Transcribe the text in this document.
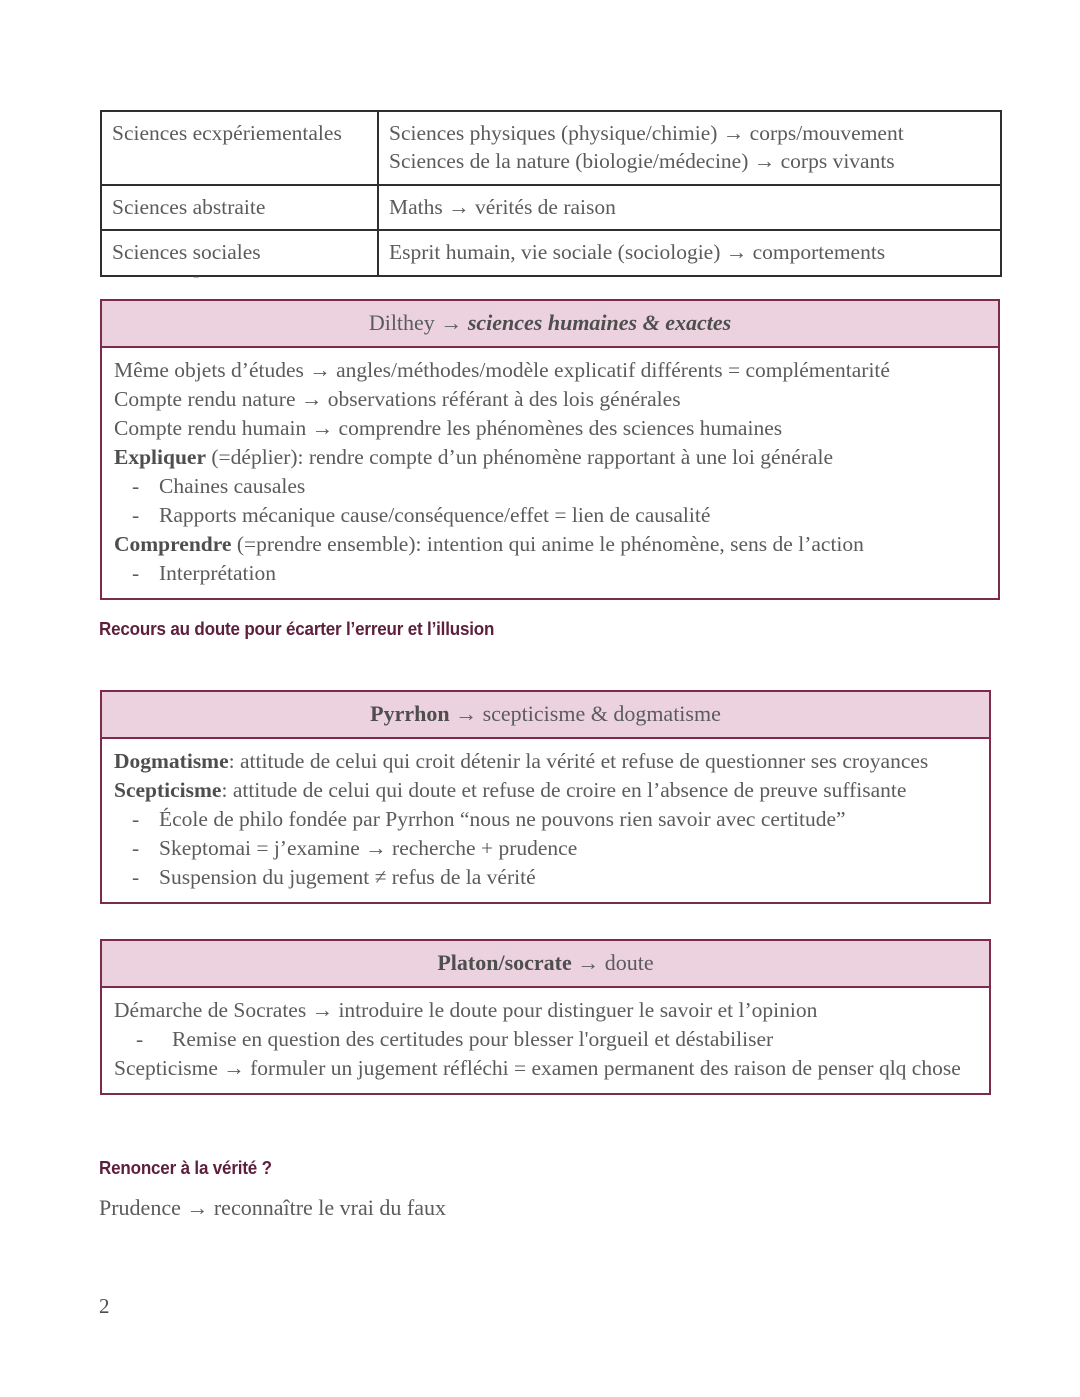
Sciences ecxpériementales	Sciences physiques (physique/chimie) → corps/mouvement
Sciences de la nature (biologie/médecine) → corps vivants

Sciences abstraite	Maths → vérités de raison

Sciences sociales	Esprit humain, vie sociale (sociologie) → comportements
-
Dilthey → sciences humaines & exactes
Même objets d’études → angles/méthodes/modèle explicatif différents = complémentarité
Compte rendu nature → observations référant à des lois générales
Compte rendu humain → comprendre les phénomènes des sciences humaines
Expliquer (=déplier): rendre compte d’un phénomène rapportant à une loi générale
- Chaines causales
- Rapports mécanique cause/conséquence/effet = lien de causalité
Comprendre (=prendre ensemble): intention qui anime le phénomène, sens de l’action
- Interprétation
Recours au doute pour écarter l’erreur et l’illusion
Pyrrhon → scepticisme & dogmatisme
Dogmatisme: attitude de celui qui croit détenir la vérité et refuse de questionner ses croyances
Scepticisme: attitude de celui qui doute et refuse de croire en l’absence de preuve suffisante
- École de philo fondée par Pyrrhon “nous ne pouvons rien savoir avec certitude”
- Skeptomai = j’examine → recherche + prudence
- Suspension du jugement ≠ refus de la vérité
Platon/socrate → doute
Démarche de Socrates → introduire le doute pour distinguer le savoir et l’opinion
- Remise en question des certitudes pour blesser l'orgueil et déstabiliser
Scepticisme → formuler un jugement réfléchi = examen permanent des raison de penser qlq chose
Renoncer à la vérité ?
Prudence → reconnaître le vrai du faux
2
